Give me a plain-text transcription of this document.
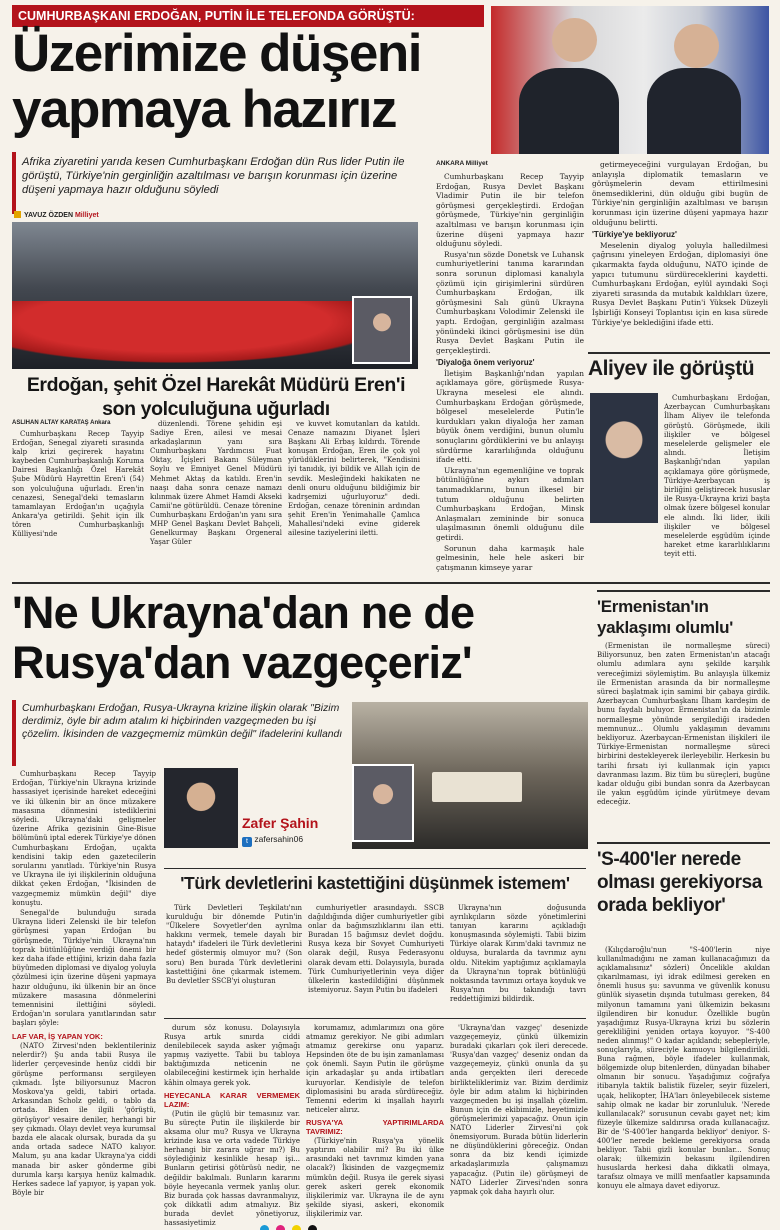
CUMHURBAŞKANI ERDOĞAN, PUTİN İLE TELEFONDA GÖRÜŞTÜ:
Üzerimize düşeni
yapmaya hazırız
Afrika ziyaretini yarıda kesen Cumhurbaşkanı Erdoğan dün Rus lider Putin ile görüştü, Türkiye'nin gerginliğin azaltılması ve barışın korunması için üzerine düşeni yapmaya hazır olduğunu söyledi
YAVUZ ÖZDEN Milliyet
Erdoğan, şehit Özel Harekât Müdürü Eren'i son yolculuğuna uğurladı
ASLIHAN ALTAY KARATAŞ Ankara

Cumhurbaşkanı Recep Tayyip Erdoğan, Senegal ziyareti sırasında kalp krizi geçirerek hayatını kaybeden Cumhurbaşkanlığı Koruma Dairesi Başkanlığı Özel Harekât Şube Müdürü Hayrettin Eren'i (54) son yolculuğuna uğurladı. Eren'in cenazesi, Senegal'deki temasların tamamlayan Erdoğan'ın uçağıyla Ankara'ya getirildi. Şehit için ilk tören Cumhurbaşkanlığı Külliyesi'nde

düzenlendi. Törene şehidin eşi Sadiye Eren, ailesi ve mesai arkadaşlarının yanı sıra Cumhurbaşkanı Yardımcısı Fuat Oktay, İçişleri Bakanı Süleyman Soylu ve Emniyet Genel Müdürü Mehmet Aktaş da katıldı. Eren'in naaşı daha sonra cenaze namazı kılınmak üzere Ahmet Hamdi Akseki Camii'ne götürüldü. Cenaze törenine Cumhurbaşkanı Erdoğan'ın yanı sıra MHP Genel Başkanı Devlet Bahçeli, Genelkurmay Başkanı Orgeneral Yaşar Güler

ve kuvvet komutanları da katıldı. Cenaze namazını Diyanet İşleri Başkanı Ali Erbaş kıldırdı. Törende konuşan Erdoğan, Eren ile çok yol yürüdüklerini belirterek, "Kendisini iyi tanıdık, iyi bildik ve Allah için de sevdik. Mesleğindeki hakikaten ne denli onuru olduğunu bildiğimiz bir kadrşemizi uğurluyoruz" dedi. Erdoğan, cenaze töreninin ardından şehit Eren'in Yenimahalle Çamlıca Mahallesi'ndeki evine giderek ailesine taziyelerini iletti.

ANKARA Milliyet

Cumhurbaşkanı Recep Tayyip Erdoğan, Rusya Devlet Başkanı Vladimir Putin ile bir telefon görüşmesi gerçekleştirdi. Erdoğan görüşmede, Türkiye'nin gerginliğin azaltılması ve barışın korunması için üzerine düşeni yapmaya hazır olduğunu söyledi.

Rusya'nın sözde Donetsk ve Luhansk cumhuriyetlerini tanıma kararından sonra sorunun diplomasi kanalıyla çözümü için girişimlerini sürdüren Cumhurbaşkanı Erdoğan, ilk görüşmesini Salı günü Ukrayna Cumhurbaşkanı Volodimir Zelenski ile yaptı. Erdoğan, gerginliğin azalması yönündeki ikinci görüşmesini ise dün Rusya Devlet Başkanı Putin ile gerçekleştirdi.

'Diyaloğa önem veriyoruz'

İletişim Başkanlığı'ndan yapılan açıklamaya göre, görüşmede Rusya-Ukrayna meselesi ele alındı. Cumhurbaşkanı Erdoğan görüşmede, bölgesel meselelerde Putin'le kurdukları yakın diyaloğa her zaman büyük önem verdiğini, bunun olumlu sonuçlarını gördüklerini ve bu anlayışı sürdürme kararlılığında olduğunu ifade etti.

Ukrayna'nın egemenliğine ve toprak bütünlüğüne aykırı adımları tanımadıklarını, bunun ilkesel bir tutum olduğunu belirten Cumhurbaşkanı Erdoğan, Minsk Anlaşmaları zemininde bir sonuca ulaşılmasının önemli olduğunu dile getirdi.

Sorunun daha karmaşık hale gelmesinin, hele hele askeri bir çatışmanın kimseye yarar

getirmeyeceğini vurgulayan Erdoğan, bu anlayışla diplomatik temasların ve görüşmelerin devam ettirilmesini önemsediklerini, dün olduğu gibi bugün de Türkiye'nin gerginliğin azaltılması ve barışın korunması için üzerine düşeni yapmaya hazır olduğunu belirtti.

'Türkiye'ye bekliyoruz'

Meselenin diyalog yoluyla halledilmesi çağrısını yineleyen Erdoğan, diplomasiyi öne çıkarmakta fayda olduğunu, NATO içinde de yapıcı tutumunu sürdüreceklerini kaydetti. Cumhurbaşkanı Erdoğan, eylül ayındaki Soçi ziyareti sırasında da mutabık kaldıkları üzere, Rusya Devlet Başkanı Putin'i Yüksek Düzeyli İşbirliği Konseyi Toplantısı için en kısa sürede Türkiye'ye beklediğini ifade etti.

Aliyev ile görüştü

Cumhurbaşkanı Erdoğan, Azerbaycan Cumhurbaşkanı İlham Aliyev ile telefonda görüştü. Görüşmede, ikili ilişkiler ve bölgesel meselelerde gelişmeler ele alındı. İletişim Başkanlığı'ndan yapılan açıklamaya göre görüşmede, Türkiye-Azerbaycan iş birliğini geliştirecek hususlar ile Rusya-Ukrayna krizi başta olmak üzere bölgesel konular ele alındı. İki lider, ikili ilişkiler ve bölgesel meselelerde eşgüdüm içinde hareket etme kararlılıklarını teyit etti.

'Ne Ukrayna'dan ne de
Rusya'dan vazgeçeriz'
Cumhurbaşkanı Erdoğan, Rusya-Ukrayna krizine ilişkin olarak "Bizim derdimiz, öyle bir adım atalım ki hiçbirinden vazgeçmeden bu işi çözelim. İkisinden de vazgeçmemiz mümkün değil" ifadelerini kullandı

Cumhurbaşkanı Recep Tayyip Erdoğan, Türkiye'nin Ukrayna krizinde hassasiyet içerisinde hareket edeceğini ve iki ülkenin bir an önce müzakere masasına dönmesini istediklerini söyledi. Ukrayna'daki gelişmeler üzerine Afrika gezisinin Gine-Bisue bölümünü iptal ederek Türkiye'ye dönen Cumhurbaşkanı Erdoğan, uçakta kendisini takip eden gazetecilerin sorularını yanıtladı. Türkiye'nin Rusya ve Ukrayna ile iyi ilişkilerinin olduğuna dikkat çeken Erdoğan, "İkisinden de vazgeçmemiz mümkün değil" diye konuştu.

Senegal'de bulunduğu sırada Ukrayna lideri Zelenski ile bir telefon görüşmesi yapan Erdoğan bu görüşmede, Türkiye'nin Ukrayna'nın toprak bütünlüğüne verdiği önemi bir kez daha ifade ettiğini, krizin daha fazla büyümeden diplomasi ve diyalog yoluyla çözülmesi için üzerine düşeni yapmaya hazır olduğunu, iki ülkenin bir an önce müzakere masasına dönmelerini temennisini ilettiğini söyledi. Erdoğan'ın sorulara yanıtlarından satır başları şöyle:

LAF VAR, İŞ YAPAN YOK:

(NATO Zirvesi'nden beklentileriniz nelerdir?) Şu anda tabii Rusya ile liderler çerçevesinde henüz ciddi bir görüşme performansı sergileyen çıkmadı. İşte biliyorsunuz Macron Moskova'ya geldi, tabiri ortada. Arkasından Scholz geldi, o tablo da ortada. Biden ile ilgili 'görüştü, görüşüyor' vesaire deniler, herhangi bir şey çıkmadı. Olayı devlet veya kurumsal bazda ele alacak olursak, burada da şu anda ortada sadece NATO kalıyor. Malum, şu ana kadar Ukrayna'ya ciddi manada bir asker gönderme gibi durumla karşı karşıya henüz kalmadık. Herkes sadece laf yapıyor, iş yapan yok. Böyle bir

Zafer Şahin
t zafersahin06
'Türk devletlerini kastettiğini düşünmek istemem'

Türk Devletleri Teşkilatı'nın kurulduğu bir dönemde Putin'in "Ülkelere Sovyetler'den ayrılma hakkını vermek, temele dayalı bir hataydı" ifadeleri ile Türk devletlerini hedef göstermiş olmuyor mu? (Son soru) Ben burada Türk devletlerini kastettiğini öne çıkarmak istemem. Bu devletler SSCB'yi oluşturan

cumhuriyetler arasındaydı. SSCB dağıldığında diğer cumhuriyetler gibi onlar da bağımsızlıklarını ilan etti. Buradan 15 bağımsız devlet doğdu. Rusya keza bir Sovyet Cumhuriyeti olarak değil, Rusya Federasyonu olarak devam etti. Dolayısıyla, burada Türk Cumhuriyetlerinin veya diğer ülkelerin kastedildiğini düşünmek istemiyoruz. Sayın Putin bu ifadeleri

Ukrayna'nın doğusunda ayrılıkçıların sözde yönetimlerini tanıyan kararını açıkladığı konuşmasında söylemişti. Tabii bizim Türkiye olarak Kırım'daki tavrımız ne olduysa, buralarda da tavrımız aynı oldu. Nitekim yaptığımız açıklamayla da Ukrayna'nın toprak bütünlüğü noktasında tavrımızı ortaya koyduk ve Rusya'nın bu takındığı tavrı reddettiğimizi bildirdik.

durum söz konusu. Dolayısıyla Rusya artık sınırda ciddi denilebilecek sayıda asker yığmağı yapmış vaziyette. Tabii bu tabloya baktığımızda neticenin ne olabileceğini kestirmek için herhalde kâhin olmaya gerek yok.

HEYECANLA KARAR VERMEMEK LAZIM:

(Putin ile güçlü bir temasınız var. Bu süreçte Putin ile ilişkilerde bir aksama olur mu? Rusya ve Ukrayna krizinde kısa ve orta vadede Türkiye herhangi bir zarara uğrar mı?) Bu söylediğiniz kesinlikle hesap işi... Bunların getirisi götürüsü nedir, ne değildir bakılmalı. Bunların kararını böyle heyecanla vermek yanlış olur. Biz burada çok hassas davranmalıyız, çok dikkatli adım atmalıyız. Biz burada devlet yönetiyoruz, hassasiyetimiz

korumamız, adımlarımızı ona göre atmamız gerekiyor. Ne gibi adımları atmamız gerekirse onu yaparız. Hepsinden öte de bu işin zamanlaması çok önemli. Sayın Putin ile görüşme için arkadaşlar şu anda irtibatları kuruyorlar. Kendisiyle de telefon diplomasisini bu arada sürdüreceğiz. Temenni ederim ki inşallah hayırlı neticeler alırız.

RUSYA'YA YAPTIRIMLARDA TAVRIMIZ:

(Türkiye'nin Rusya'ya yönelik yaptırım olabilir mi? Bu iki ülke arasındaki net tavrımız kimden yana olacak?) İkisinden de vazgeçmemiz mümkün değil. Rusya ile gerek siyasi gerek askeri gerek ekonomik ilişkilerimiz var. Ukrayna ile de aynı şekilde siyasi, askeri, ekonomik ilişkilerimiz var.

'Ukrayna'dan vazgeç' desenizde vazgeçemeyiz, çünkü ülkemizin buradaki çıkarları çok ileri derecede. 'Rusya'dan vazgeç' deseniz ondan da vazgeçemeyiz, çünkü onunla da şu anda gerçekten ileri derecede birlikteliklerimiz var. Bizim derdimiz öyle bir adım atalım ki hiçbirinden vazgeçmeden bu işi inşallah çözelim. Bunun için de ekibimizle, heyetimizle görüşmelerimizi yapacağız. Onun için NATO Liderler Zirvesi'ni çok önemsiyorum. Burada bütün liderlerin ne düşündüklerini göreceğiz. Ondan sonra da biz kendi içimizde arkadaşlarımızla çalışmamızı yapacağız. (Putin ile) görüşmeyi de NATO Liderler Zirvesi'nden sonra yapmak çok daha hayırlı olur.

'Ermenistan'ın yaklaşımı olumlu'

(Ermenistan ile normalleşme süreci) Biliyorsunuz, ben zaten Ermenistan'ın atacağı olumlu adımlara aynı şekilde karşılık vereceğimizi söylemiştim. Bu anlayışla ülkemiz ile Ermenistan arasında da bir normalleşme süreci başlatmak için samimi bir çabaya girdik. Azerbaycan Cumhurbaşkanı İlham kardeşim de bunu faydalı buluyor. Ermenistan'ın da bizimle normalleşme yönünde sergilediği iradeden memnunuz... Olumlu yaklaşımın devamını bekliyoruz. Azerbaycan-Ermenistan ilişkileri ile Türkiye-Ermenistan normalleşme süreci birbirini destekleyerek ilerleyebilir. Herkesin bu tarihi fırsatı iyi kullanmak için yapıcı davranması lazım. Biz tüm bu süreçleri, bugüne kadar olduğu gibi bundan sonra da Azerbaycan ile yakın eşgüdüm içinde yürütmeye devam edeceğiz.

'S-400'ler nerede olması gerekiyorsa orada bekliyor'

(Kılıçdaroğlu'nun "S-400'lerin niye kullanılmadığını ne zaman kullanacağımızı da açıklamalısınız" sözleri) Öncelikle akıldan çıkarılmaması, iyi idrak edilmesi gereken en önemli husus şu: savunma ve güvenlik konusu günlük siyasetin dışında tutulması gereken, 84 milyonun tamamını yani ülkemizin bekasını ilgilendiren bir konudur. Özellikle bugün yaşadığımız Rusya-Ukrayna krizi bu sözlerin gerekliliğini yeniden ortaya koyuyor. "S-400 neden alınmış!" O kadar açıklandı; sebepleriyle, sonuçlarıyla, süreciyle kamuoyu bilgilendirildi. Buna rağmen, böyle ifadeler kullanmak, bölgemizde olup bitenlerden, dünyadan bihaber olmanın bir sonucu. Yaşadığımız coğrafya itibarıyla taktik balistik füzeler, seyir füzeleri, uçak, helikopter, İHA'ları önleyebilecek sisteme sahip olmak ne kadar bir zorunluluk. 'Nerede kullanılacak?' sorusunun cevabı gayet net; kim füzeyle ülkemize saldırırsa orada kullanacağız. Bir de 'S-400'ler hangarda bekliyor' deniyor. S-400'ler nerede bekleme gerekiyorsa orada bekliyor. Tabii gizli konular bunlar... Sonuç olarak; ülkemizin bekasını ilgilendiren hususlarda herkesi daha dikkatli olmaya, tarafsız olmaya ve millî menfaatler kapsamında konuyu ele almaya davet ediyoruz.
